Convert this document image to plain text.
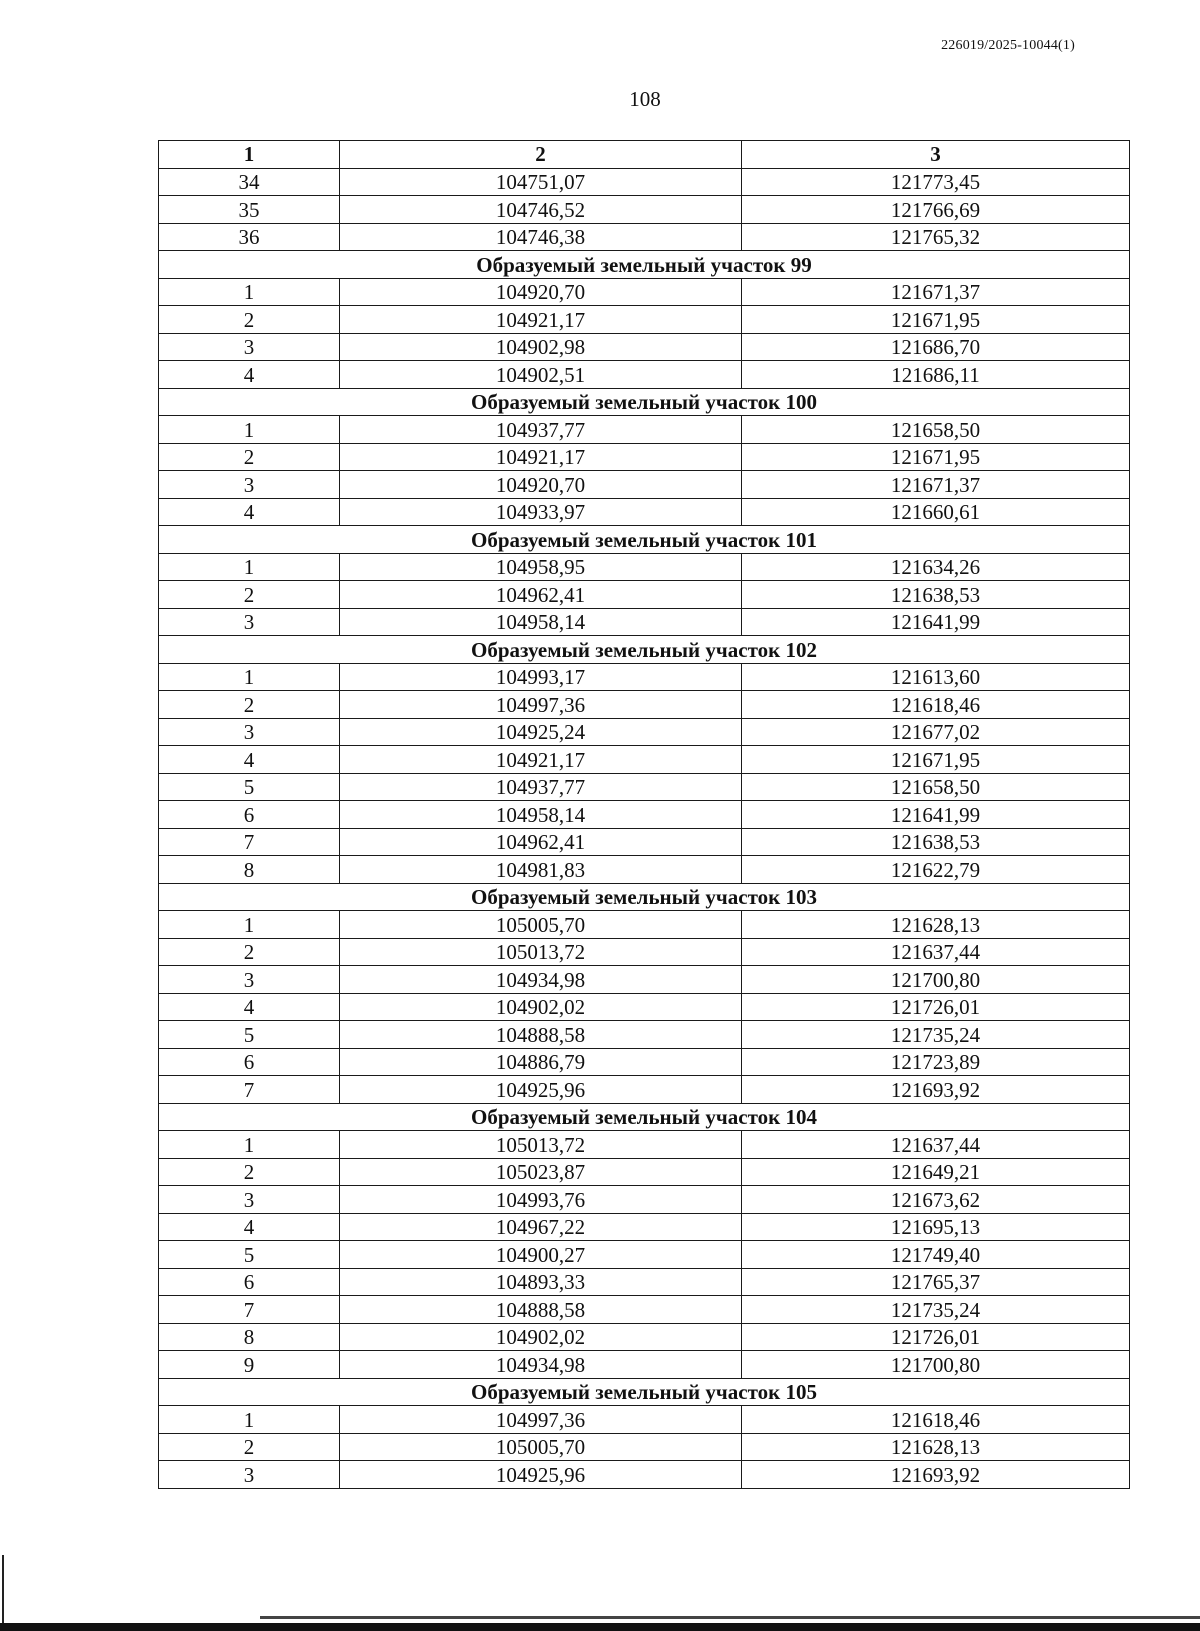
226019/2025-10044(1)
108
1	2	3
34	104751,07	121773,45
35	104746,52	121766,69
36	104746,38	121765,32
Образуемый земельный участок 99		
1	104920,70	121671,37
2	104921,17	121671,95
3	104902,98	121686,70
4	104902,51	121686,11
Образуемый земельный участок 100		
1	104937,77	121658,50
2	104921,17	121671,95
3	104920,70	121671,37
4	104933,97	121660,61
Образуемый земельный участок 101		
1	104958,95	121634,26
2	104962,41	121638,53
3	104958,14	121641,99
Образуемый земельный участок 102		
1	104993,17	121613,60
2	104997,36	121618,46
3	104925,24	121677,02
4	104921,17	121671,95
5	104937,77	121658,50
6	104958,14	121641,99
7	104962,41	121638,53
8	104981,83	121622,79
Образуемый земельный участок 103		
1	105005,70	121628,13
2	105013,72	121637,44
3	104934,98	121700,80
4	104902,02	121726,01
5	104888,58	121735,24
6	104886,79	121723,89
7	104925,96	121693,92
Образуемый земельный участок 104		
1	105013,72	121637,44
2	105023,87	121649,21
3	104993,76	121673,62
4	104967,22	121695,13
5	104900,27	121749,40
6	104893,33	121765,37
7	104888,58	121735,24
8	104902,02	121726,01
9	104934,98	121700,80
Образуемый земельный участок 105		
1	104997,36	121618,46
2	105005,70	121628,13
3	104925,96	121693,92
